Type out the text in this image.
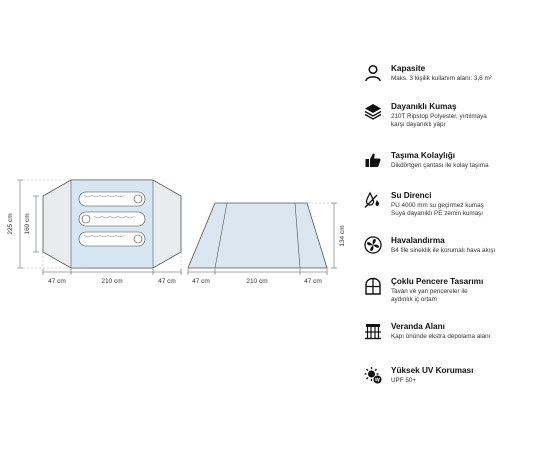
225 cm 160 cm
47 cm	210 cm	47 cm
134 cm
47 cm	210 cm	47 cm
Kapasite
Maks. 3 kişilik kullanım alanı: 3,6 m²
Dayanıklı Kumaş
210T Ripstop Polyester, yırtılmaya
karşı dayanıklı yapı
Taşıma Kolaylığı
Dikdörtgen çantası ile kolay taşıma
Su Direnci
PU 4000 mm su geçirmez kumaş
Suya dayanıklı PE zemin kumaşı
Havalandırma
B4 file sineklik ile korumalı hava akışı
Çoklu Pencere Tasarımı
Tavan ve yan pencereler ile
aydınlık iç ortam
Veranda Alanı
Kapı önünde ekstra depolama alanı
Yüksek UV Koruması
UPF 50+
